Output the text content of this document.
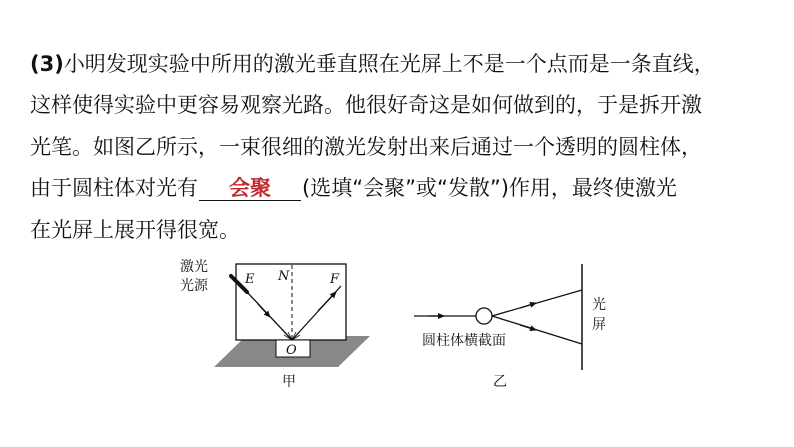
(3)小明发现实验中所用的激光垂直照在光屏上不是一个点而是一条直线，
这样使得实验中更容易观察光路。他很好奇这是如何做到的，于是拆开激
光笔。如图乙所示，一束很细的激光发射出来后通过一个透明的圆柱体，
由于圆柱体对光有 会聚 (选填“会聚”或“发散”)作用，最终使激光
在光屏上展开得很宽。
激光
光源	E N	F
O
甲
圆柱体横截面
光
屏
乙
